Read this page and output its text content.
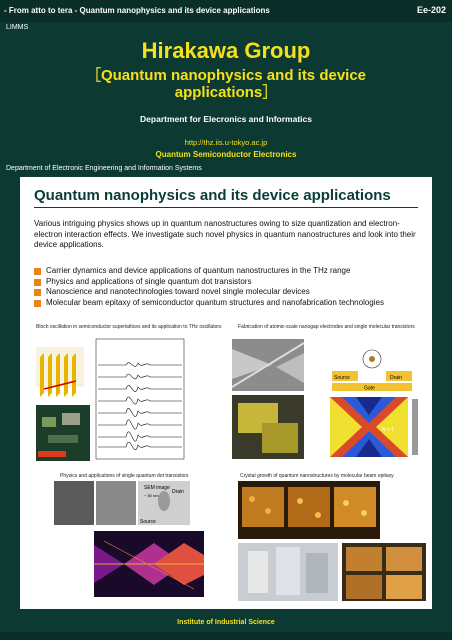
- From atto to tera - Quantum nanophysics and its device applications	Ee-202
LIMMS
Hirakawa Group
［Quantum nanophysics and its device
applications］
Department for Elecronics and Informatics
http://thz.iis.u-tokyo.ac.jp
Quantum Semiconductor Electronics
Department of Electronic Engineering and Information Systems
Quantum nanophysics and its device applications

Various intriguing physics shows up in quantum nanostructures owing to size quantization and electron-electron interaction effects. We investigate such novel physics in quantum nanostructures and look into their device applications.

Carrier dynamics and device applications of quantum nanostructures in the THz range
Physics and applications of single quantum dot transistors
Nanoscience and nanotechnologies toward novel single molecular devices
Molecular beam epitaxy of semiconductor quantum structures and nanofabrication technologies
Bloch oscillation in semiconductor superlattices and its application to THz oscillators	Fabrication of atomic-scale nanogap electrodes and single molecular transistors
Source	Drain
Gate
N = 1
Physics and applications of single quantum dot transistors
SEM image
~ 50 nm
Source
Drain
Crystal growth of quantum nanostructures by molecular beam epitaxy
Institute of Industrial Science
